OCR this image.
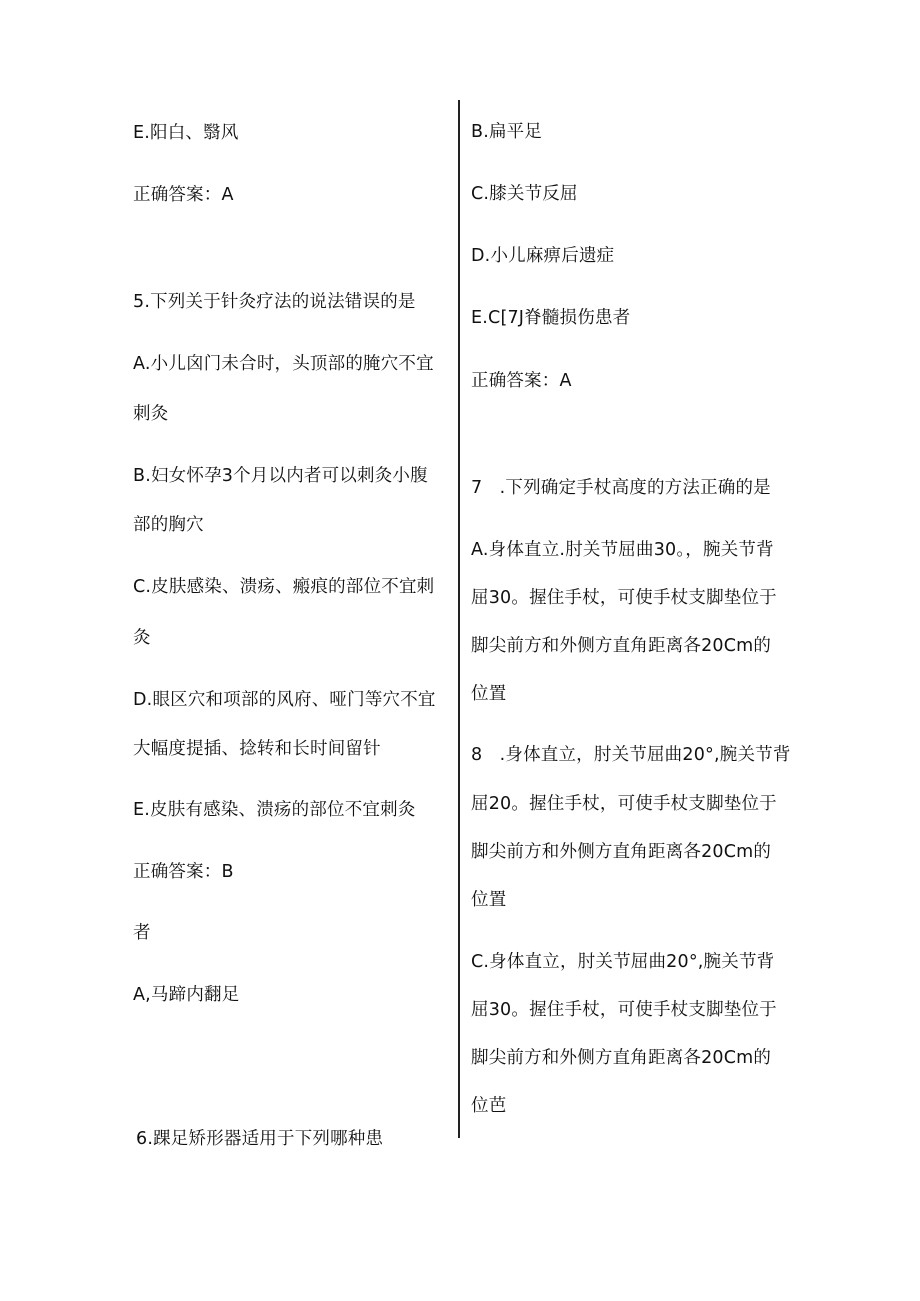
E.阳白、翳风
正确答案：A
5.下列关于针灸疗法的说法错误的是
A.小儿囟门未合时，头顶部的腌穴不宜
刺灸
B.妇女怀孕3个月以内者可以刺灸小腹
部的胸穴
C.皮肤感染、溃疡、瘢痕的部位不宜刺
灸
D.眼区穴和项部的风府、哑门等穴不宜
大幅度提插、捻转和长时间留针
E.皮肤有感染、溃疡的部位不宜刺灸
正确答案：B
者
A,马蹄内翻足
6.踝足矫形器适用于下列哪种患
B.扁平足
C.膝关节反屈
D.小儿麻痹后遗症
E.C[7J脊髓损伤患者
正确答案：A
7   .下列确定手杖高度的方法正确的是
A.身体直立.肘关节屈曲30。，腕关节背
屈30。握住手杖，可使手杖支脚垫位于
脚尖前方和外侧方直角距离各20Cm的
位置
8   .身体直立，肘关节屈曲20°,腕关节背
屈20。握住手杖，可使手杖支脚垫位于
脚尖前方和外侧方直角距离各20Cm的
位置
C.身体直立，肘关节屈曲20°,腕关节背
屈30。握住手杖，可使手杖支脚垫位于
脚尖前方和外侧方直角距离各20Cm的
位芭
